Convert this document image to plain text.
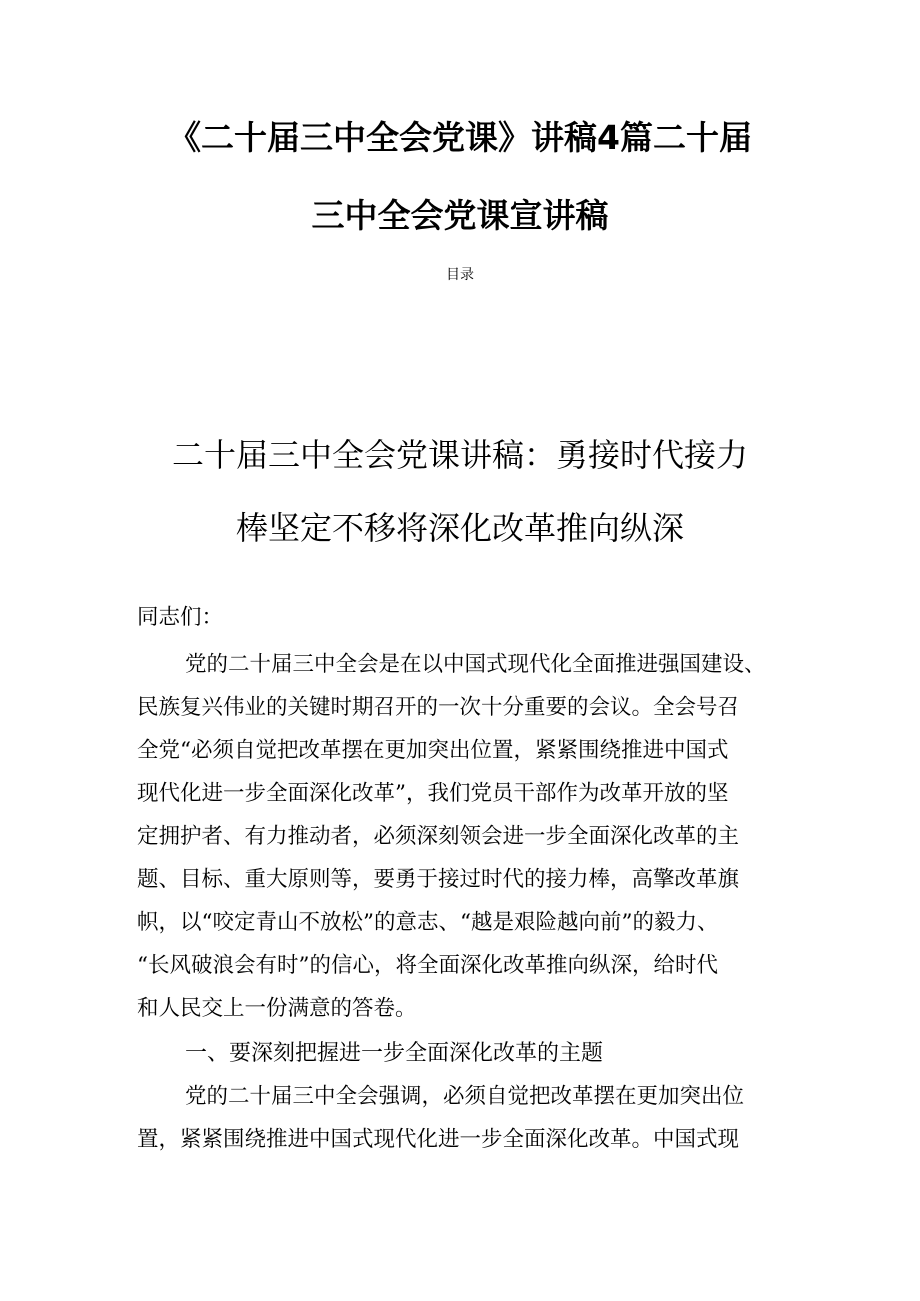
《二十届三中全会党课》讲稿4篇二十届
三中全会党课宣讲稿
目录
二十届三中全会党课讲稿：勇接时代接力
棒坚定不移将深化改革推向纵深
同志们：
党的二十届三中全会是在以中国式现代化全面推进强国建设、
民族复兴伟业的关键时期召开的一次十分重要的会议。全会号召
全党“必须自觉把改革摆在更加突出位置，紧紧围绕推进中国式
现代化进一步全面深化改革”，我们党员干部作为改革开放的坚
定拥护者、有力推动者，必须深刻领会进一步全面深化改革的主
题、目标、重大原则等，要勇于接过时代的接力棒，高擎改革旗
帜，以“咬定青山不放松”的意志、“越是艰险越向前”的毅力、
“长风破浪会有时”的信心，将全面深化改革推向纵深，给时代
和人民交上一份满意的答卷。
一、要深刻把握进一步全面深化改革的主题
党的二十届三中全会强调，必须自觉把改革摆在更加突出位
置，紧紧围绕推进中国式现代化进一步全面深化改革。中国式现
